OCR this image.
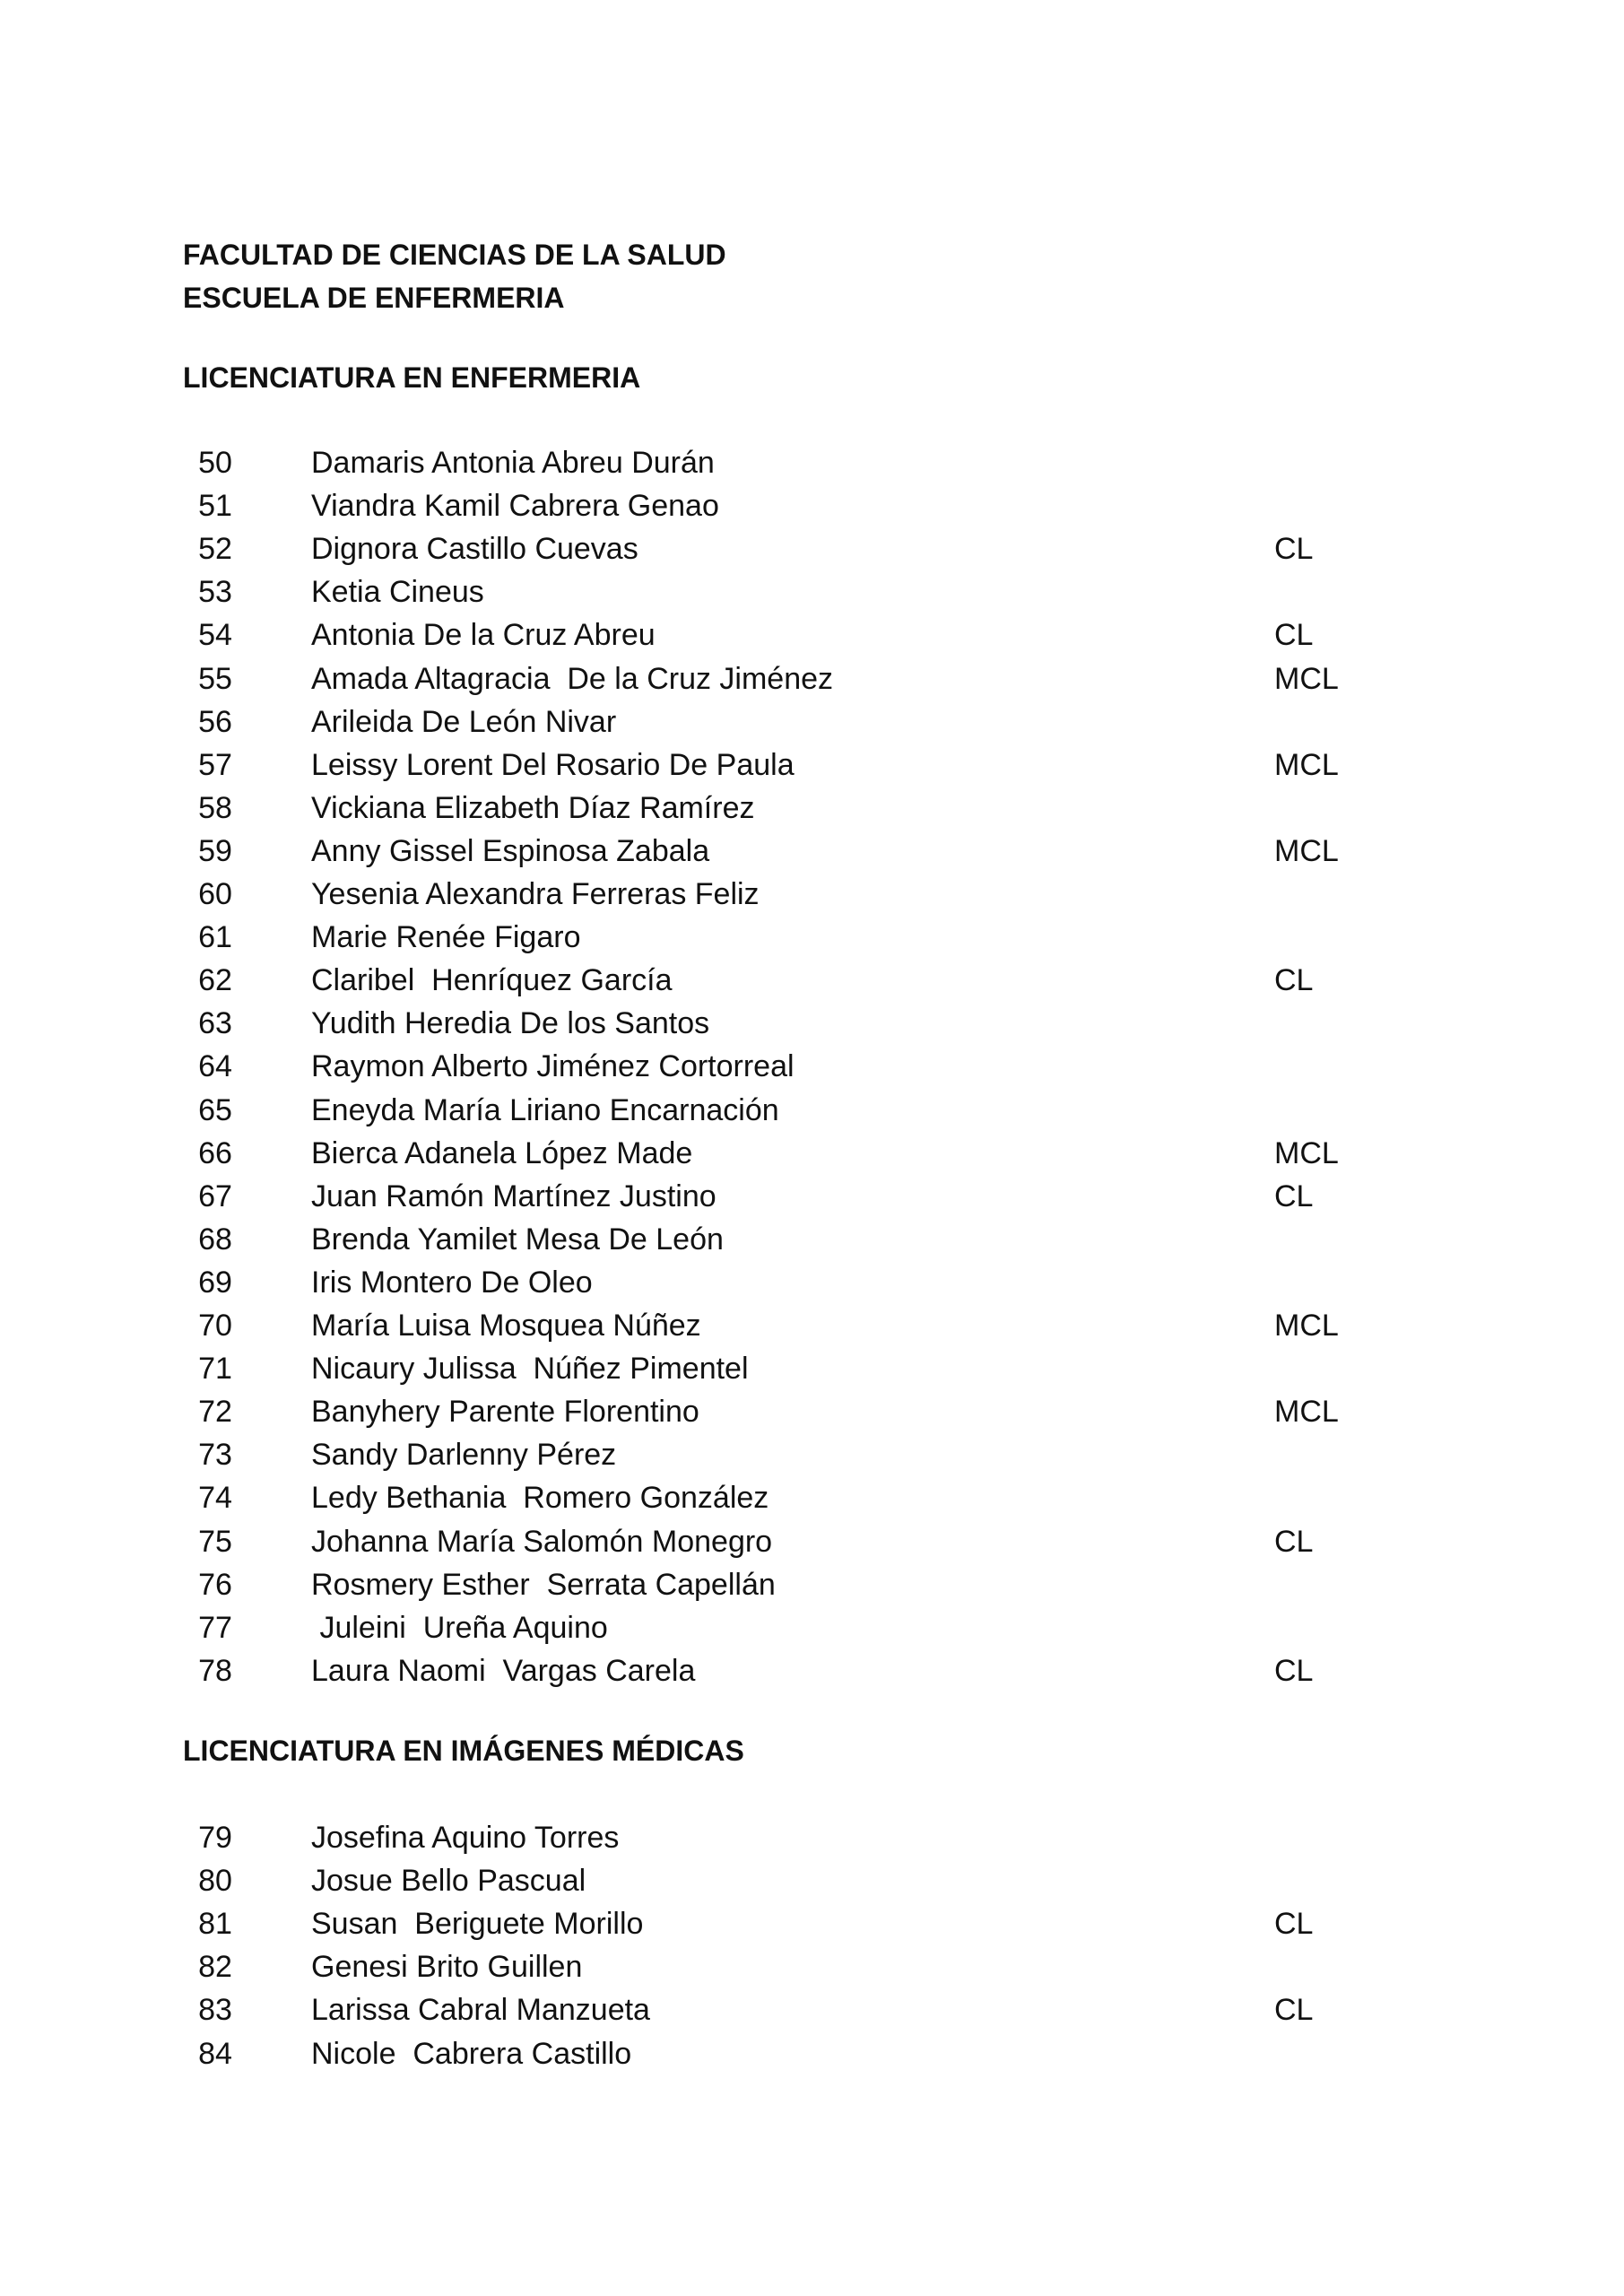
FACULTAD DE CIENCIAS DE LA SALUD
ESCUELA DE ENFERMERIA
LICENCIATURA EN ENFERMERIA
50	Damaris Antonia Abreu Durán
51	Viandra Kamil Cabrera Genao
52	Dignora Castillo Cuevas	CL
53	Ketia Cineus
54	Antonia De la Cruz Abreu	CL
55	Amada Altagracia  De la Cruz Jiménez	MCL
56	Arileida De León Nivar
57	Leissy Lorent Del Rosario De Paula	MCL
58	Vickiana Elizabeth Díaz Ramírez
59	Anny Gissel Espinosa Zabala	MCL
60	Yesenia Alexandra Ferreras Feliz
61	Marie Renée Figaro
62	Claribel  Henríquez García	CL
63	Yudith Heredia De los Santos
64	Raymon Alberto Jiménez Cortorreal
65	Eneyda María Liriano Encarnación
66	Bierca Adanela López Made	MCL
67	Juan Ramón Martínez Justino	CL
68	Brenda Yamilet Mesa De León
69	Iris Montero De Oleo
70	María Luisa Mosquea Núñez	MCL
71	Nicaury Julissa  Núñez Pimentel
72	Banyhery Parente Florentino	MCL
73	Sandy Darlenny Pérez
74	Ledy Bethania  Romero González
75	Johanna María Salomón Monegro	CL
76	Rosmery Esther  Serrata Capellán
77	Juleini  Ureña Aquino
78	Laura Naomi  Vargas Carela	CL
LICENCIATURA EN IMÁGENES MÉDICAS
79	Josefina Aquino Torres
80	Josue Bello Pascual
81	Susan  Beriguete Morillo	CL
82	Genesi Brito Guillen
83	Larissa Cabral Manzueta	CL
84	Nicole  Cabrera Castillo
